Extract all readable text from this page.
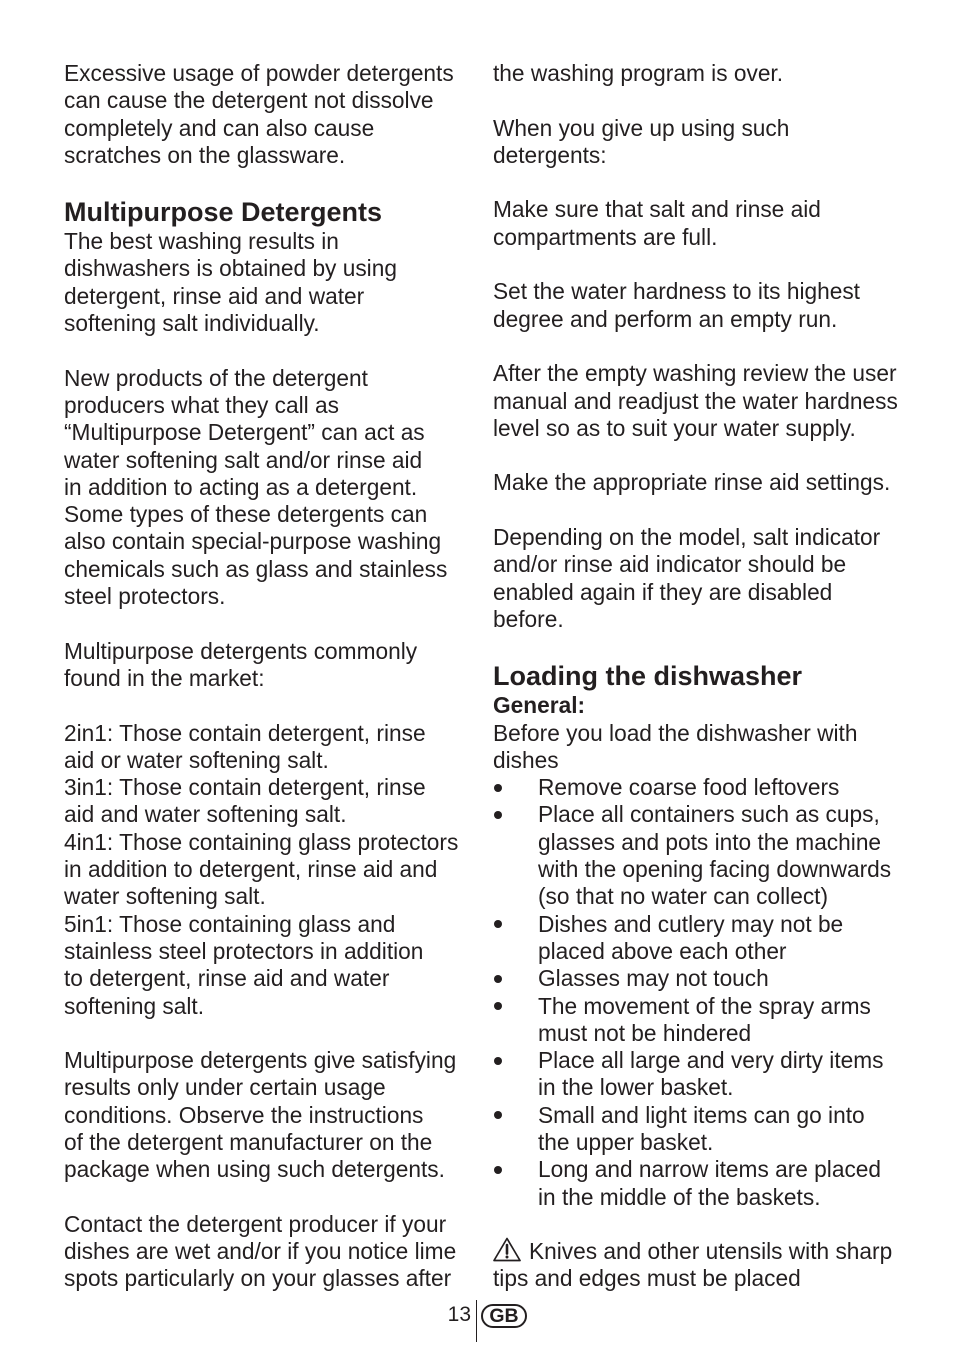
Excessive usage of powder detergents
can cause the detergent not dissolve
completely and can also cause
scratches on the glassware.
Multipurpose Detergents
The best washing results in
dishwashers is obtained by using
detergent, rinse aid and water
softening salt individually.
New products of the detergent
producers what they call as
“Multipurpose Detergent” can act as
water softening salt and/or rinse aid
in addition to acting as a detergent.
Some types of these detergents can
also contain special-purpose washing
chemicals such as glass and stainless
steel protectors.
Multipurpose detergents commonly
found in the market:
2in1: Those contain detergent, rinse
aid or water softening salt.
3in1: Those contain detergent, rinse
aid and water softening salt.
4in1: Those containing glass protectors
in addition to detergent, rinse aid and
water softening salt.
5in1: Those containing glass and
stainless steel protectors in addition
to detergent, rinse aid and water
softening salt.
Multipurpose detergents give satisfying
results only under certain usage
conditions. Observe the instructions
of the detergent manufacturer on the
package when using such detergents.
Contact the detergent producer if your
dishes are wet and/or if you notice lime
spots particularly on your glasses after
the washing program is over.
When you give up using such
detergents:
Make sure that salt and rinse aid
compartments are full.
Set the water hardness to its highest
degree and perform an empty run.
After the empty washing review the user
manual and readjust the water hardness
level so as to suit your water supply.
Make the appropriate rinse aid settings.
Depending on the model, salt indicator
and/or rinse aid indicator should be
enabled again if they are disabled
before.
Loading the dishwasher
General:
Before you load the dishwasher with
dishes
Remove coarse food leftovers
Place all containers such as cups,
glasses and pots into the machine
with the opening facing downwards
(so that no water can collect)
Dishes and cutlery may not be
placed above each other
Glasses may not touch
The movement of the spray arms
must not be hindered
Place all large and very dirty items
in the lower basket.
Small and light items can go into
the upper basket.
Long and narrow items are placed
in the middle of the baskets.
Knives and other utensils with sharp
tips and edges must be placed
13 GB
